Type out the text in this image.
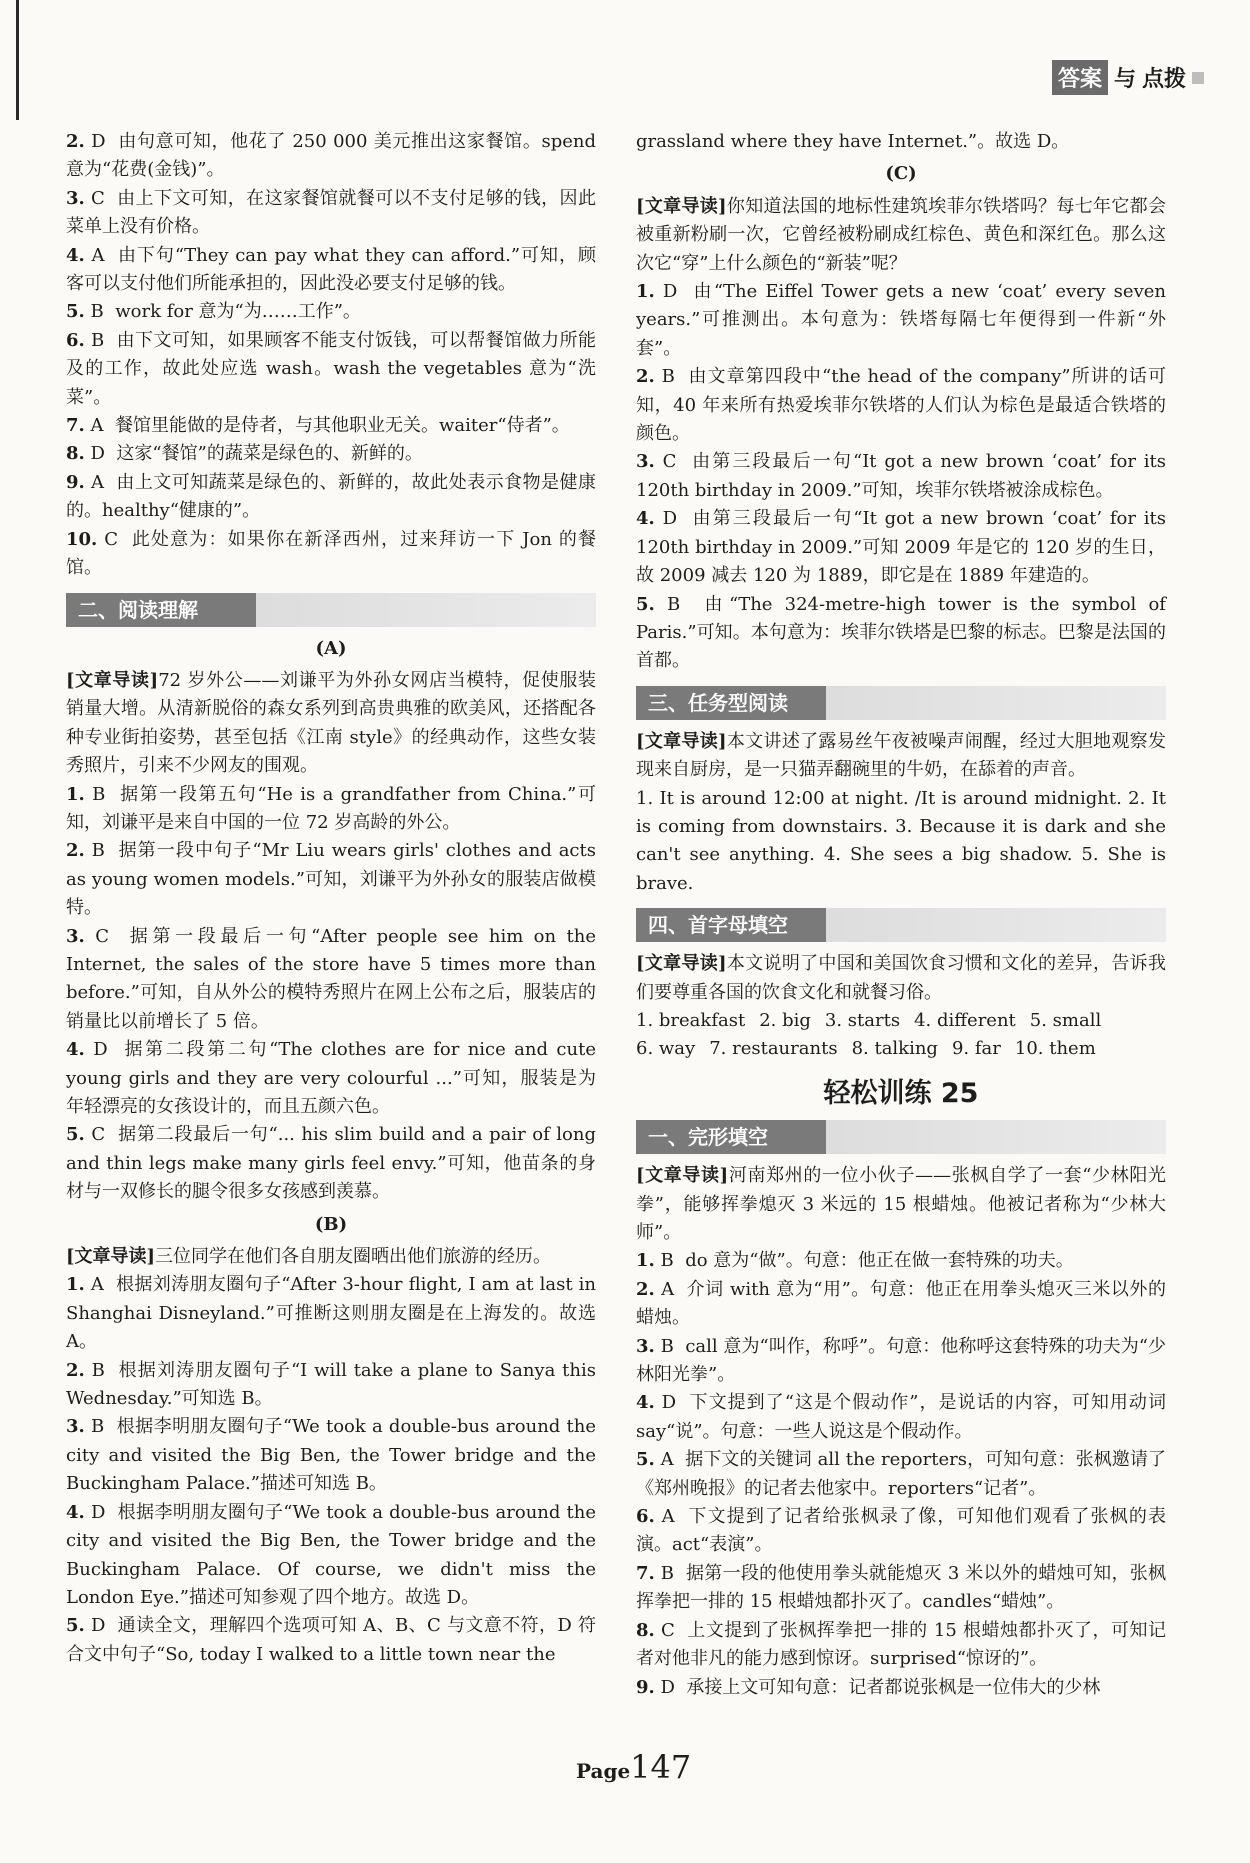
答案 与 点拨

2. D 由句意可知，他花了 250 000 美元推出这家餐馆。spend 意为“花费(金钱)”。

3. C 由上下文可知，在这家餐馆就餐可以不支付足够的钱，因此菜单上没有价格。

4. A 由下句“They can pay what they can afford.”可知，顾客可以支付他们所能承担的，因此没必要支付足够的钱。

5. B work for 意为“为……工作”。

6. B 由下文可知，如果顾客不能支付饭钱，可以帮餐馆做力所能及的工作，故此处应选 wash。wash the vegetables 意为“洗菜”。

7. A 餐馆里能做的是侍者，与其他职业无关。waiter“侍者”。

8. D 这家“餐馆”的蔬菜是绿色的、新鲜的。

9. A 由上文可知蔬菜是绿色的、新鲜的，故此处表示食物是健康的。healthy“健康的”。

10. C 此处意为：如果你在新泽西州，过来拜访一下 Jon 的餐馆。

二、阅读理解

(A)

[文章导读]72 岁外公——刘谦平为外孙女网店当模特，促使服装销量大增。从清新脱俗的森女系列到高贵典雅的欧美风，还搭配各种专业街拍姿势，甚至包括《江南 style》的经典动作，这些女装秀照片，引来不少网友的围观。

1. B 据第一段第五句“He is a grandfather from China.”可知，刘谦平是来自中国的一位 72 岁高龄的外公。

2. B 据第一段中句子“Mr Liu wears girls' clothes and acts as young women models.”可知，刘谦平为外孙女的服装店做模特。

3. C 据第一段最后一句“After people see him on the Internet, the sales of the store have 5 times more than before.”可知，自从外公的模特秀照片在网上公布之后，服装店的销量比以前增长了 5 倍。

4. D 据第二段第二句“The clothes are for nice and cute young girls and they are very colourful ...”可知，服装是为年轻漂亮的女孩设计的，而且五颜六色。

5. C 据第二段最后一句“... his slim build and a pair of long and thin legs make many girls feel envy.”可知，他苗条的身材与一双修长的腿令很多女孩感到羡慕。

(B)

[文章导读]三位同学在他们各自朋友圈晒出他们旅游的经历。

1. A 根据刘涛朋友圈句子“After 3-hour flight, I am at last in Shanghai Disneyland.”可推断这则朋友圈是在上海发的。故选 A。

2. B 根据刘涛朋友圈句子“I will take a plane to Sanya this Wednesday.”可知选 B。

3. B 根据李明朋友圈句子“We took a double-bus around the city and visited the Big Ben, the Tower bridge and the Buckingham Palace.”描述可知选 B。

4. D 根据李明朋友圈句子“We took a double-bus around the city and visited the Big Ben, the Tower bridge and the Buckingham Palace. Of course, we didn't miss the London Eye.”描述可知参观了四个地方。故选 D。

5. D 通读全文，理解四个选项可知 A、B、C 与文意不符，D 符合文中句子“So, today I walked to a little town near the

grassland where they have Internet.”。故选 D。

(C)

[文章导读]你知道法国的地标性建筑埃菲尔铁塔吗？每七年它都会被重新粉刷一次，它曾经被粉刷成红棕色、黄色和深红色。那么这次它“穿”上什么颜色的“新装”呢？

1. D 由“The Eiffel Tower gets a new ‘coat’ every seven years.”可推测出。本句意为：铁塔每隔七年便得到一件新“外套”。

2. B 由文章第四段中“the head of the company”所讲的话可知，40 年来所有热爱埃菲尔铁塔的人们认为棕色是最适合铁塔的颜色。

3. C 由第三段最后一句“It got a new brown ‘coat’ for its 120th birthday in 2009.”可知，埃菲尔铁塔被涂成棕色。

4. D 由第三段最后一句“It got a new brown ‘coat’ for its 120th birthday in 2009.”可知 2009 年是它的 120 岁的生日，故 2009 减去 120 为 1889，即它是在 1889 年建造的。

5. B 由“The 324-metre-high tower is the symbol of Paris.”可知。本句意为：埃菲尔铁塔是巴黎的标志。巴黎是法国的首都。

三、任务型阅读

[文章导读]本文讲述了露易丝午夜被噪声闹醒，经过大胆地观察发现来自厨房，是一只猫弄翻碗里的牛奶，在舔着的声音。

1. It is around 12:00 at night. /It is around midnight. 2. It is coming from downstairs. 3. Because it is dark and she can't see anything. 4. She sees a big shadow. 5. She is brave.

四、首字母填空

[文章导读]本文说明了中国和美国饮食习惯和文化的差异，告诉我们要尊重各国的饮食文化和就餐习俗。

1. breakfast 2. big 3. starts 4. different 5. small

6. way 7. restaurants 8. talking 9. far 10. them

轻松训练 25

一、完形填空

[文章导读]河南郑州的一位小伙子——张枫自学了一套“少林阳光拳”，能够挥拳熄灭 3 米远的 15 根蜡烛。他被记者称为“少林大师”。

1. B do 意为“做”。句意：他正在做一套特殊的功夫。

2. A 介词 with 意为“用”。句意：他正在用拳头熄灭三米以外的蜡烛。

3. B call 意为“叫作，称呼”。句意：他称呼这套特殊的功夫为“少林阳光拳”。

4. D 下文提到了“这是个假动作”，是说话的内容，可知用动词 say“说”。句意：一些人说这是个假动作。

5. A 据下文的关键词 all the reporters，可知句意：张枫邀请了《郑州晚报》的记者去他家中。reporters“记者”。

6. A 下文提到了记者给张枫录了像，可知他们观看了张枫的表演。act“表演”。

7. B 据第一段的他使用拳头就能熄灭 3 米以外的蜡烛可知，张枫挥拳把一排的 15 根蜡烛都扑灭了。candles“蜡烛”。

8. C 上文提到了张枫挥拳把一排的 15 根蜡烛都扑灭了，可知记者对他非凡的能力感到惊讶。surprised“惊讶的”。

9. D 承接上文可知句意：记者都说张枫是一位伟大的少林

Page147
